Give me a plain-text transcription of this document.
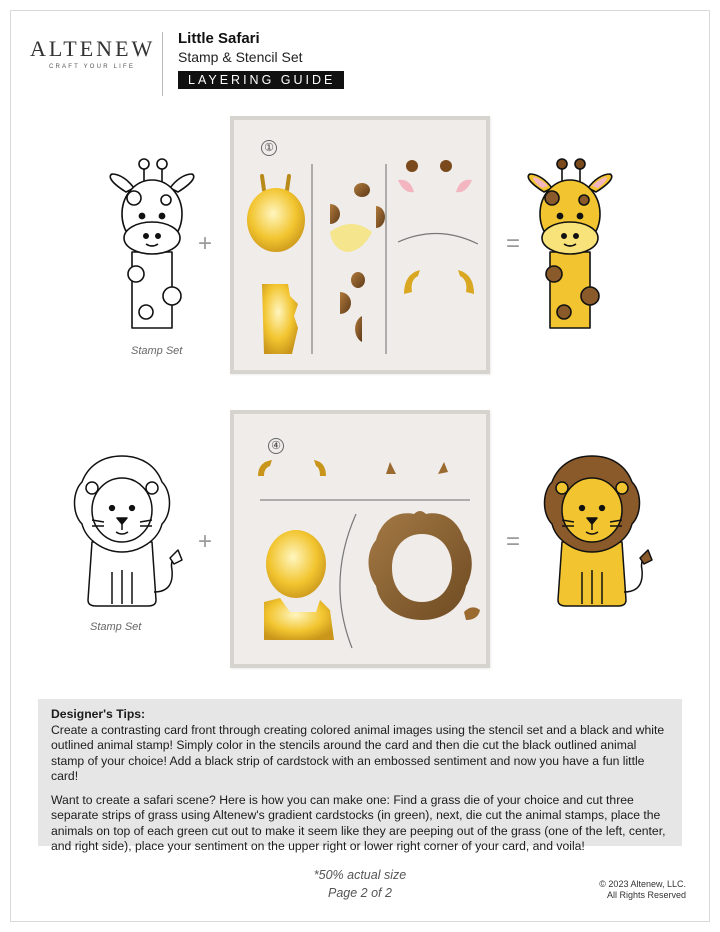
ALTENEW
CRAFT YOUR LIFE
Little Safari
Stamp & Stencil Set
LAYERING GUIDE
Stamp Set
+
①
=
Stamp Set
+
④
=
Designer's Tips:

Create a contrasting card front through creating colored animal images using the stencil set and a black and white outlined animal stamp! Simply color in the stencils around the card and then die cut the black outlined animal stamp of your choice! Add a black strip of cardstock with an embossed sentiment and now you have a fun little card!

Want to create a safari scene? Here is how you can make one: Find a grass die of your choice and cut three separate strips of grass using Altenew's gradient cardstocks (in green), next, die cut the animal stamps, place the animals on top of each green cut out to make it seem like they are peeping out of the grass (one of the left, center, and right side), place your sentiment on the upper right or lower right corner of your card, and voila!

*50% actual size
Page 2 of 2
© 2023 Altenew, LLC.
All Rights Reserved
